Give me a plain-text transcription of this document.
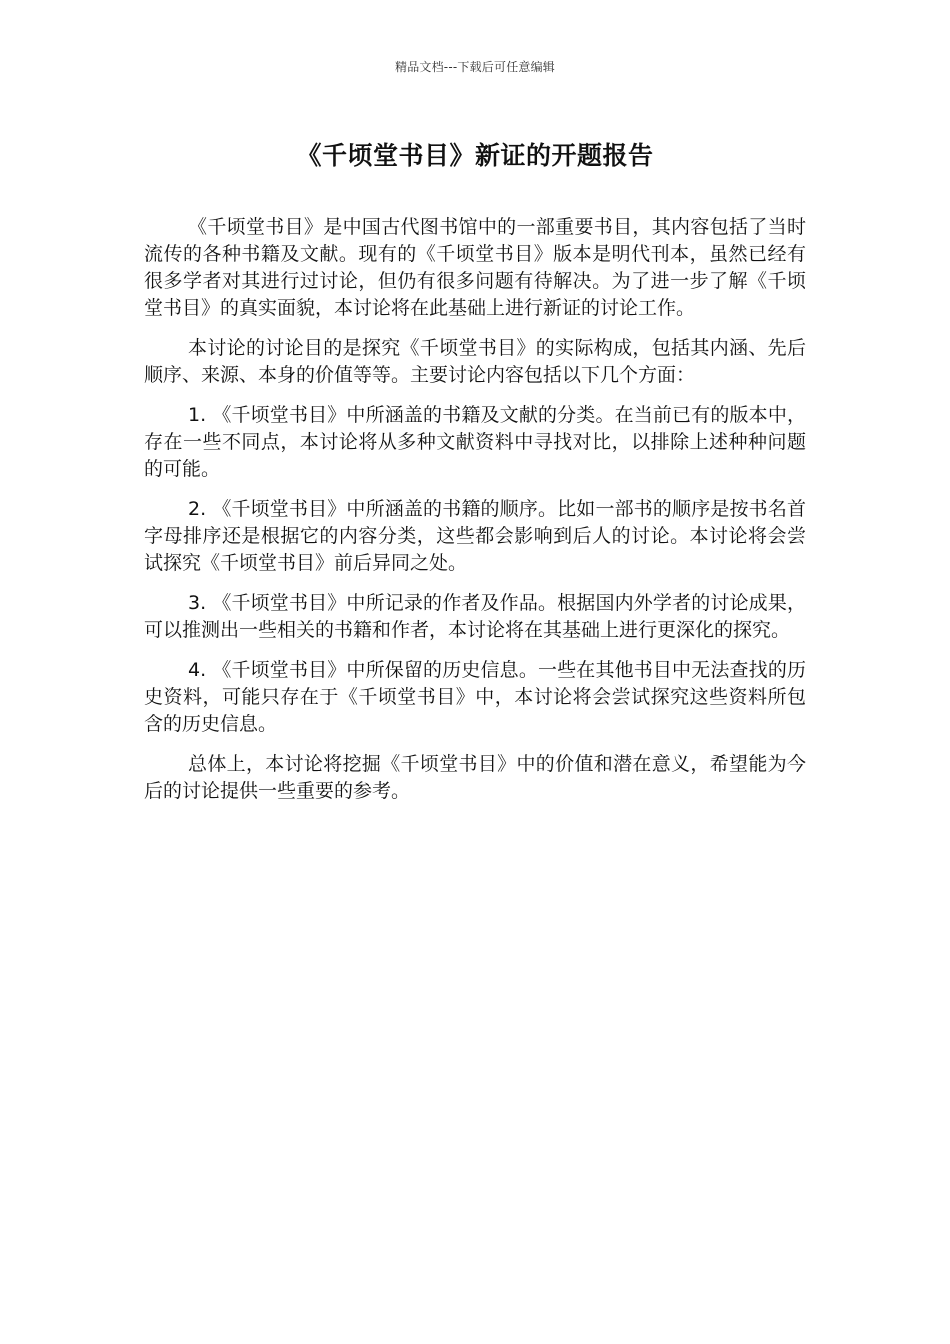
精品文档---下载后可任意编辑
《千顷堂书目》新证的开题报告

《千顷堂书目》是中国古代图书馆中的一部重要书目，其内容包括了当时流传的各种书籍及文献。现有的《千顷堂书目》版本是明代刊本，虽然已经有很多学者对其进行过讨论，但仍有很多问题有待解决。为了进一步了解《千顷堂书目》的真实面貌，本讨论将在此基础上进行新证的讨论工作。

本讨论的讨论目的是探究《千顷堂书目》的实际构成，包括其内涵、先后顺序、来源、本身的价值等等。主要讨论内容包括以下几个方面：

1. 《千顷堂书目》中所涵盖的书籍及文献的分类。在当前已有的版本中，存在一些不同点，本讨论将从多种文献资料中寻找对比，以排除上述种种问题的可能。

2. 《千顷堂书目》中所涵盖的书籍的顺序。比如一部书的顺序是按书名首字母排序还是根据它的内容分类，这些都会影响到后人的讨论。本讨论将会尝试探究《千顷堂书目》前后异同之处。

3. 《千顷堂书目》中所记录的作者及作品。根据国内外学者的讨论成果，可以推测出一些相关的书籍和作者，本讨论将在其基础上进行更深化的探究。

4. 《千顷堂书目》中所保留的历史信息。一些在其他书目中无法查找的历史资料，可能只存在于《千顷堂书目》中，本讨论将会尝试探究这些资料所包含的历史信息。

总体上，本讨论将挖掘《千顷堂书目》中的价值和潜在意义，希望能为今后的讨论提供一些重要的参考。
